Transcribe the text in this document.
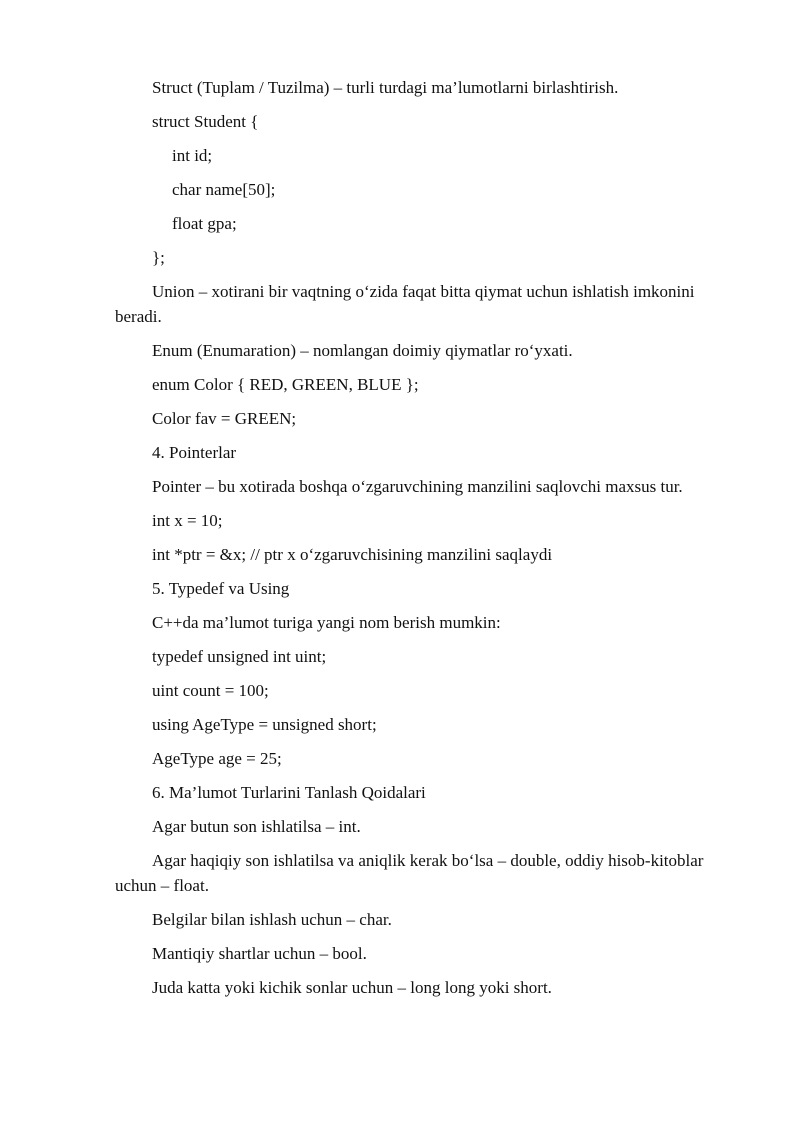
Struct (Tuplam / Tuzilma) – turli turdagi ma’lumotlarni birlashtirish.
struct Student {
int id;
char name[50];
float gpa;
};
Union – xotirani bir vaqtning o‘zida faqat bitta qiymat uchun ishlatish imkonini beradi.
Enum (Enumaration) – nomlangan doimiy qiymatlar ro‘yxati.
enum Color { RED, GREEN, BLUE };
Color fav = GREEN;
4. Pointerlar
Pointer – bu xotirada boshqa o‘zgaruvchining manzilini saqlovchi maxsus tur.
int x = 10;
int *ptr = &x; // ptr x o‘zgaruvchisining manzilini saqlaydi
5. Typedef va Using
C++da ma’lumot turiga yangi nom berish mumkin:
typedef unsigned int uint;
uint count = 100;
using AgeType = unsigned short;
AgeType age = 25;
6. Ma’lumot Turlarini Tanlash Qoidalari
Agar butun son ishlatilsa – int.
Agar haqiqiy son ishlatilsa va aniqlik kerak bo‘lsa – double, oddiy hisob-kitoblar uchun – float.
Belgilar bilan ishlash uchun – char.
Mantiqiy shartlar uchun – bool.
Juda katta yoki kichik sonlar uchun – long long yoki short.
